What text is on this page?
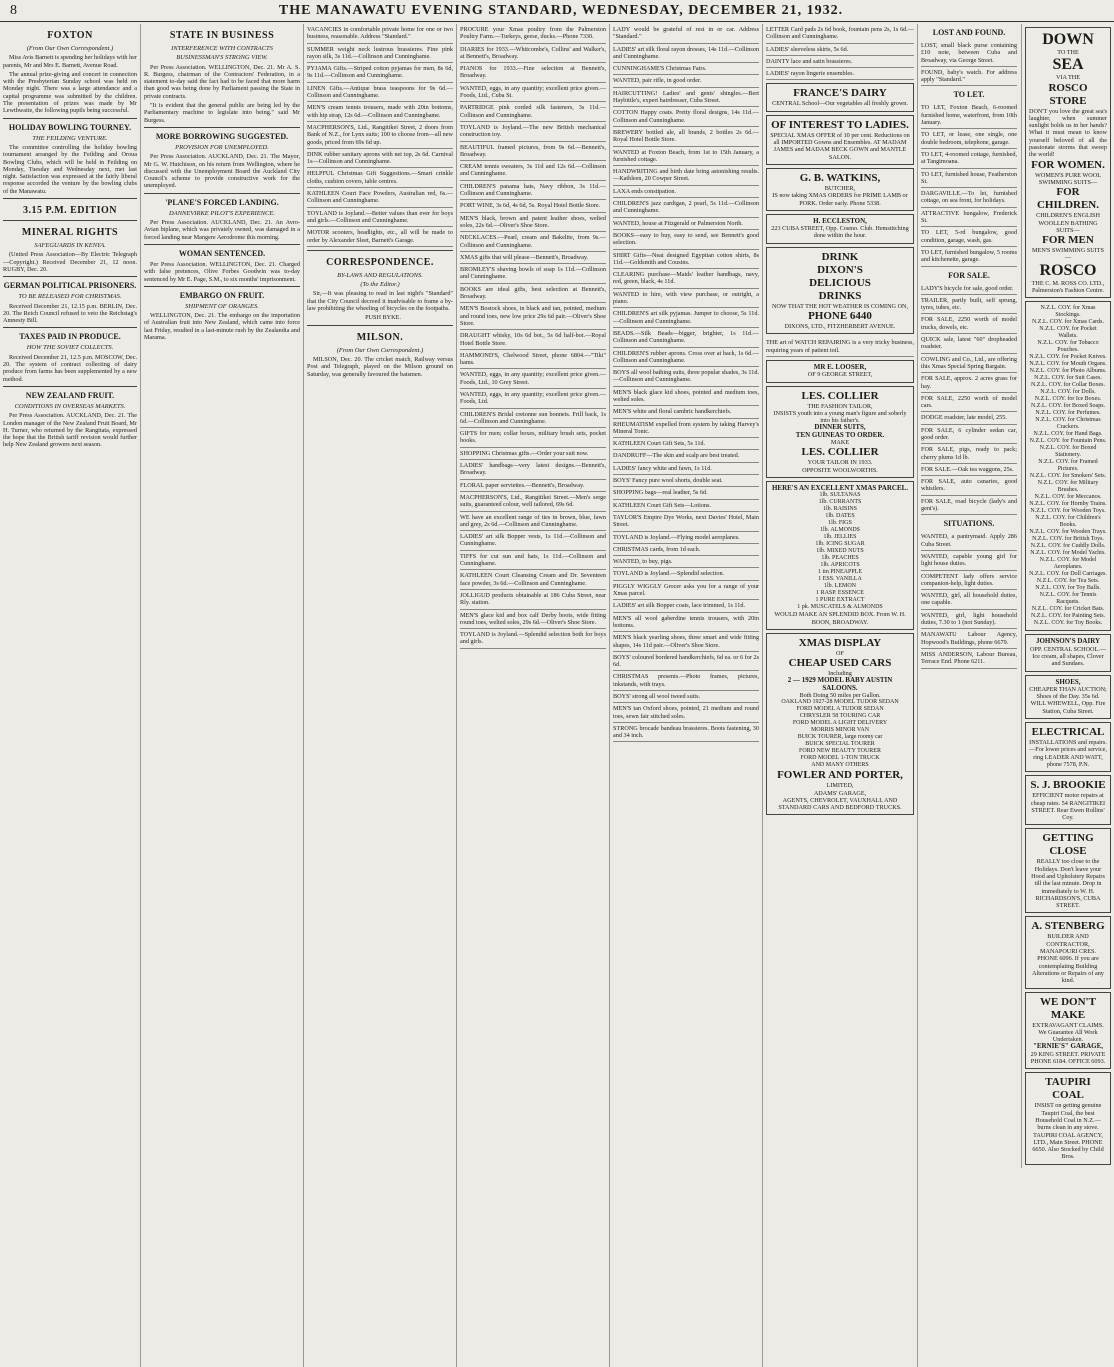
8	THE MANAWATU EVENING STANDARD, WEDNESDAY, DECEMBER 21, 1932.
FOXTON
(From Our Own Correspondent.)

Miss Avis Barnett is spending her holidays with her parents, Mr and Mrs E. Barnett, Avenue Road.

The annual prize-giving and concert in connection with the Presbyterian Sunday school was held on Monday night. There was a large attendance and a capital programme was submitted by the children. The presentation of prizes was made by Mr Lewthwaite, the following pupils being successful.

HOLIDAY BOWLING TOURNEY.
THE FEILDING VENTURE.

The committee controlling the holiday bowling tournament arranged by the Feilding and Oroua Bowling Clubs, which will be held in Feilding on Monday, Tuesday and Wednesday next, met last night. Satisfaction was expressed at the fairly liberal response accorded the venture by the bowling clubs of the Manawatu.

3.15 P.M. EDITION
MINERAL RIGHTS
SAFEGUARDS IN KENYA.

(United Press Association—By Electric Telegraph—Copyright.) Received December 21, 12 noon. RUGBY, Dec. 20.

GERMAN POLITICAL PRISONERS.
TO BE RELEASED FOR CHRISTMAS.

Received December 21, 12.15 p.m. BERLIN, Dec. 20. The Reich Council refused to veto the Reichstag's Amnesty Bill.

TAXES PAID IN PRODUCE.
HOW THE SOVIET COLLECTS.

Received December 21, 12.5 p.m. MOSCOW, Dec. 20. The system of contract collecting of dairy produce from farms has been supplemented by a new method.

NEW ZEALAND FRUIT.
CONDITIONS IN OVERSEAS MARKETS.

Per Press Association. AUCKLAND, Dec. 21. The London manager of the New Zealand Fruit Board, Mr H. Turner, who returned by the Rangitata, expressed the hope that the British tariff revision would further help New Zealand growers next season.

STATE IN BUSINESS
INTERFERENCE WITH CONTRACTS
BUSINESSMAN'S STRONG VIEW.

Per Press Association. WELLINGTON, Dec. 21. Mr A. S. R. Burgess, chairman of the Contractors' Federation, in a statement to-day said the fact had to be faced that more harm than good was being done by Parliament passing the State in private contracts.

"It is evident that the general public are being led by the Parliamentary machine to legislate into being." said Mr Burgess.

MORE BORROWING SUGGESTED.
PROVISION FOR UNEMPLOYED.

Per Press Association. AUCKLAND, Dec. 21. The Mayor, Mr G. W. Hutchison, on his return from Wellington, where he discussed with the Unemployment Board the Auckland City Council's scheme to provide constructive work for the unemployed.

'PLANE'S FORCED LANDING.
DANNEVIRKE PILOT'S EXPERIENCE.

Per Press Association. AUCKLAND, Dec. 21. An Avro-Avian biplane, which was privately owned, was damaged in a forced landing near Mangere Aerodrome this morning.

WOMAN SENTENCED.

Per Press Association. WELLINGTON, Dec. 21. Charged with false pretences, Olive Forbes Goodwin was to-day sentenced by Mr E. Page, S.M., to six months' imprisonment.

EMBARGO ON FRUIT.
SHIPMENT OF ORANGES.

WELLINGTON, Dec. 21. The embargo on the importation of Australian fruit into New Zealand, which came into force last Friday, resulted in a last-minute rush by the Zealandia and Marama.

VACANCIES in comfortable private home for one or two business, reasonable. Address "Standard."
SUMMER weight neck lustrous brassieres. Fine pink rayon silk, 3s 11d.—Collinson and Cunninghame.
PYJAMA Gifts.—Striped cotton pyjamas for men, 8s 6d, 9s 11d.—Collinson and Cunninghame.
LINEN Gifts.—Antique brass teaspoons for 9s 6d.—Collinson and Cunninghame.
MEN'S cream tennis trousers, made with 20in bottoms, with hip strap, 12s 6d.—Collinson and Cunninghame.
MACPHERSON'S, Ltd., Rangitikei Street, 2 doors from Bank of N.Z., for Lynx suits; 100 to choose from—all new goods, priced from 69s 6d up.
DINK rubber sanitary aprons with net top, 2s 6d. Carnival 1s—Collinson and Cunninghame.
HELPFUL Christmas Gift Suggestions.—Smart crinkle cloths, cushion covers, table centres.
KATHLEEN Court Face Powders, Australian red, 6s.—Collinson and Cunninghame.
TOYLAND is Joyland.—Better values than ever for boys and girls.—Collinson and Cunninghame.
MOTOR scooters, headlights, etc., all will be made to order by Alexander Sleet, Barnett's Garage.
CORRESPONDENCE.
BY-LAWS AND REGULATIONS.
(To the Editor.)

Sir,—It was pleasing to read in last night's "Standard" that the City Council decreed it inadvisable to frame a by-law prohibiting the wheeling of bicycles on the footpaths.

PUSH BYKE.

MILSON.
(From Our Own Correspondent.)

MILSON, Dec. 20. The cricket match, Railway versus Post and Telegraph, played on the Milson ground on Saturday, was generally favoured the batsmen.

PROCURE your Xmas poultry from the Palmerston Poultry Farm.—Turkeys, geese, ducks.—Phone 7330.
DIARIES for 1933.—Whitcombe's, Collins' and Walker's, at Bennett's, Broadway.
PIANOS for 1933.—Fine selection at Bennett's, Broadway.
WANTED, eggs, in any quantity; excellent price given.—Foods, Ltd., Cuba St.
PARTRIDGE pink corded silk fasteners, 3s 11d.—Collinson and Cunninghame.
TOYLAND is Joyland.—The new British mechanical construction toy.
BEAUTIFUL framed pictures, from 9s 6d.—Bennett's, Broadway.
CREAM tennis sweaters, 3s 11d and 12s 6d.—Collinson and Cunninghame.
CHILDREN'S panama hats, Navy ribbon, 3s 11d.—Collinson and Cunninghame.
PORT WINE, 3s 6d, 4s 6d, 5s. Royal Hotel Bottle Store.
MEN'S black, brown and patent leather shoes, welted soles, 22s 6d.—Oliver's Shoe Store.
NECKLACES.—Pearl, cream and Bakelite, from 9s.—Collinson and Cunninghame.
XMAS gifts that will please—Bennett's, Broadway.
BROMLEY'S shaving bowls of soap 1s 11d.—Collinson and Cunninghame.
BOOKS are ideal gifts, best selection at Bennett's, Broadway.
MEN'S Bostock shoes, in black and tan, pointed, medium and round toes, new low price 29s 6d pair.—Oliver's Shoe Store.
DRAUGHT whisky, 10s 6d bot., 5s 6d half-bot.—Royal Hotel Bottle Store.
HAMMOND'S, Chelwood Street, phone 6804.—"Tiki" hams.
WANTED, eggs, in any quantity; excellent price given.—Foods, Ltd., 10 Grey Street.
WANTED, eggs, in any quantity; excellent price given.—Foods, Ltd.
CHILDREN'S Bridal cretonne sun bonnets. Frill back, 1s 6d.—Collinson and Cunninghame.
GIFTS for men; collar boxes, military brush sets, pocket books.
SHOPPING Christmas gifts.—Order your suit now.
LADIES' handbags—very latest designs.—Bennett's, Broadway.
FLORAL paper serviettes.—Bennett's, Broadway.
MACPHERSON'S, Ltd., Rangitikei Street.—Men's serge suits, guaranteed colour, well tailored, 69s 6d.
WE have an excellent range of ties in brown, blue, fawn and grey, 2s 6d.—Collinson and Cunninghame.
LADIES' art silk Bopper vests, 1s 11d.—Collinson and Cunninghame.
TIFFS for cut sun and hats, 1s 11d.—Collinson and Cunninghame.
KATHLEEN Court Cleansing Cream and Dr. Seventeen face powder, 3s 6d.—Collinson and Cunninghame.
JOLLIGUD products obtainable at 186 Cuba Street, near Rly. station.
MEN'S glace kid and box calf Derby boots, wide fitting round toes, welted soles, 29s 6d.—Oliver's Shoe Store.
TOYLAND is Joyland.—Splendid selection both for boys and girls.
LADY would be grateful of rest in or car. Address "Standard."
LADIES' art silk floral rayon dresses, 14s 11d.—Collinson and Cunninghame.
CUNNINGHAME'S Christmas Fairs.
WANTED, pair rifle, in good order.
HAIRCUTTING! Ladies' and gents' shingles.—Bert Haybittle's, expert hairdresser, Cuba Street.
COTTON Happy coats. Pretty floral designs, 14s 11d.—Collinson and Cunninghame.
BREWERY bottled ale, all brands, 2 bottles 2s 6d.—Royal Hotel Bottle Store.
WANTED at Foxton Beach, from 1st to 15th January, a furnished cottage.
HANDWRITING and birth date bring astonishing results.—Kathleen, 20 Cowper Street.
LAXA ends constipation.
CHILDREN'S jazz cardigan, 2 pearl, 5s 11d.—Collinson and Cunninghame.
WANTED, house at Fitzgerald or Palmerston North.
BOOKS—easy to buy, easy to send, see Bennett's good selection.
SHIRT Gifts—Neat designed Egyptian cotton shirts, 8s 11d.—Goldsmith and Cousins.
CLEARING purchase—Maids' leather handbags, navy, red, green, black, 4s 11d.
WANTED to hire, with view purchase, or outright, a piano.
CHILDREN'S art silk pyjamas. Jumper to choose, 5s 11d.—Collinson and Cunninghame.
BEADS.—Silk Beads—bigger, brighter, 1s 11d.—Collinson and Cunninghame.
CHILDREN'S rubber aprons. Cross over at back, 1s 6d.—Collinson and Cunninghame.
BOYS all wool bathing suits, three popular shades, 3s 11d.—Collinson and Cunninghame.
MEN'S black glace kid shoes, pointed and medium toes, welted soles.
MEN'S white and floral cambric handkerchiefs.
RHEUMATISM expelled from system by taking Harvey's Mineral Tonic.
KATHLEEN Court Gift Sets, 5s 11d.
DANDRUFF—The skin and scalp are best treated.
LADIES' fancy white and fawn, 1s 11d.
BOYS' Fancy pure wool shorts, double seat.
SHOPPING bags—real leather, 5s 6d.
KATHLEEN Court Gift Sets—Lotions.
TAYLOR'S Empire Dye Works, next Davies' Hotel, Main Street.
TOYLAND is Joyland.—Flying model aeroplanes.
CHRISTMAS cards, from 1d each.
WANTED, to buy, pigs.
TOYLAND is Joyland.—Splendid selection.
PIGGLY WIGGLY Grocer asks you for a range of your Xmas parcel.
LADIES' art silk Bopper coats, lace trimmed, 1s 11d.
MEN'S all wool gaberdine tennis trousers, with 20in bottoms.
MEN'S black yearling shoes, three smart and wide fitting shapes, 14s 11d pair.—Oliver's Shoe Store.
BOYS' coloured bordered handkerchiefs, 6d ea. or 6 for 2s 6d.
CHRISTMAS presents.—Photo frames, pictures, inkstands, with trays.
BOYS' strong all wool tweed suits.
MEN'S tan Oxford shoes, pointed, 21 medium and round toes, sewn fair stitched soles.
STRONG brocade bandeau brassieres. Boots fastening, 30 and 34 inch.
LETTER Card pads 2s 6d book, fountain pens 2s, 1s 6d.—Collinson and Cunninghame.
LADIES' sleeveless skirts, 5s 6d.
DAINTY lace and satin brassieres.
LADIES' rayon lingerie ensembles.
FRANCE'S DAIRY
CENTRAL School—Our vegetables all freshly grown.
OF INTEREST TO LADIES.
SPECIAL XMAS OFFER of 10 per cent. Reductions on all IMPORTED Gowns and Ensembles. AT MADAM JAMES and MADAM BECK GOWN and MANTLE SALON.
G. B. WATKINS,
BUTCHER,
IS now taking XMAS ORDERS for PRIME LAMB or PORK. Order early. Phone 5338.
H. ECCLESTON,
223 CUBA STREET, Opp. Cosmo. Club. Hemstitching done within the hour.
DRINK
DIXON'S
DELICIOUS
DRINKS
NOW THAT THE HOT WEATHER IS COMING ON,
PHONE 6440
DIXONS, LTD., FITZHERBERT AVENUE.
THE art of WATCH REPAIRING is a very tricky business, requiring years of patient toil.
MR E. LOOSER,
OF 9 GEORGE STREET,
LES. COLLIER
THE FASHION TAILOR,
INSISTS youth into a young man's figure and soberly into his father's.
DINNER SUITS,
TEN GUINEAS TO ORDER.
MAKE
LES. COLLIER
YOUR TAILOR IN 1933.
OPPOSITE WOOLWORTHS.
HERE'S AN EXCELLENT XMAS PARCEL.
1lb. SULTANAS
1lb. CURRANTS
1lb. RAISINS
1lb. DATES
1lb. FIGS
1lb. ALMONDS
1lb. JELLIES
1lb. ICING SUGAR
1lb. MIXED NUTS
1lb. PEACHES
1lb. APRICOTS
1 tin PINEAPPLE
1 ESS. VANILLA
1lb. LEMON
1 RASP. ESSENCE
1 PURE EXTRACT
1 pk. MUSCATELS & ALMONDS
WOULD MAKE AN SPLENDID BOX. From W. H. BOON, BROADWAY.
XMAS DISPLAY
OF
CHEAP USED CARS
Including
2 — 1929 MODEL BABY AUSTIN SALOONS.
Both Doing 50 miles per Gallon.
OAKLAND 1927-28 MODEL TUDOR SEDAN
FORD MODEL A TUDOR SEDAN
CHRYSLER 58 TOURING CAR
FORD MODEL A LIGHT DELIVERY
MORRIS MINOR VAN
BUICK TOURER, large roomy car
BUICK SPECIAL TOURER
FORD NEW BEAUTY TOURER
FORD MODEL 1-TON TRUCK
AND MANY OTHERS
FOWLER AND PORTER,
LIMITED,
ADAMS' GARAGE,
AGENTS, CHEVROLET, VAUXHALL AND STANDARD CARS AND BEDFORD TRUCKS.
LOST AND FOUND.
LOST, small black purse containing £10 note, between Cuba and Broadway, via George Street.
FOUND, baby's watch. For address apply "Standard."
TO LET.
TO LET, Foxton Beach, 6-roomed furnished home, waterfront, from 10th January.
TO LET, or lease, one single, one double bedroom, telephone, garage.
TO LET, 4-roomed cottage, furnished, at Tangimoana.
TO LET, furnished house, Featherston St.
DARGAVILLE.—To let, furnished cottage, on sea front, for holidays.
ATTRACTIVE bungalow, Frederick St.
TO LET, 5-rd bungalow, good condition, garage, wash, gas.
TO LET, furnished bungalow, 5 rooms and kitchenette, garage.
FOR SALE.
LADY'S bicycle for sale, good order.
TRAILER, partly built, self sprung, tyres, tubes, etc.
FOR SALE, 2250 worth of model trucks, dowels, etc.
QUICK sale, latest "60" dropheaded roadster.
COWLING and Co., Ltd., are offering this Xmas Special Spring Bargain.
FOR SALE, approx. 2 acres grass for hay.
FOR SALE, 2250 worth of model cars.
DODGE roadster, late model, 255.
FOR SALE, 6 cylinder sedan car, good order.
FOR SALE, pigs, ready to pack; cherry plums 1d lb.
FOR SALE.—Oak tea waggons, 25s.
FOR SALE, auto canaries, good whistlers.
FOR SALE, road bicycle (lady's and gent's).
SITUATIONS.
WANTED, a pantrymaid. Apply 286 Cuba Street.
WANTED, capable young girl for light house duties.
COMPETENT lady offers service companion-help, light duties.
WANTED, girl, all household duties, one capable.
WANTED, girl, light household duties, 7.30 to 1 (not Sunday).
MANAWATU Labour Agency, Hopwood's Buildings, phone 6679.
MISS ANDERSON, Labour Bureau, Terrace End. Phone 6211.
DOWN
TO THE
SEA
VIA THE
ROSCO STORE
DON'T you love the great sea's laughter, when summer sunlight holds us in her hands? What it must mean to know yourself beloved of all the passionate storms that sweep the world!
FOR WOMEN.
WOMEN'S PURE WOOL SWIMMING SUITS—
FOR CHILDREN.
CHILDREN'S ENGLISH WOOLLEN BATHING SUITS—
FOR MEN
MEN'S SWIMMING SUITS—
ROSCO
THE C. M. ROSS CO. LTD., Palmerston's Fashion Centre.
N.Z.L. COY. for Xmas Stockings.
N.Z.L. COY. for Xmas Cards.
N.Z.L. COY. for Pocket Wallets.
N.Z.L. COY. for Tobacco Pouches.
N.Z.L. COY. for Pocket Knives.
N.Z.L. COY. for Mouth Organs.
N.Z.L. COY. for Photo Albums.
N.Z.L. COY. for Suit Cases.
N.Z.L. COY. for Collar Boxes.
N.Z.L. COY. for Dolls.
N.Z.L. COY. for Ice Boxes.
N.Z.L. COY. for Boxed Soaps.
N.Z.L. COY. for Perfumes.
N.Z.L. COY. for Christmas Crackers.
N.Z.L. COY. for Hand Bags.
N.Z.L. COY. for Fountain Pens.
N.Z.L. COY. for Boxed Stationery.
N.Z.L. COY. for Framed Pictures.
N.Z.L. COY. for Smokers' Sets.
N.Z.L. COY. for Military Brushes.
N.Z.L. COY. for Meccanos.
N.Z.L. COY. for Hornby Trains.
N.Z.L. COY. for Wooden Toys.
N.Z.L. COY. for Children's Books.
N.Z.L. COY. for Wooden Trays.
N.Z.L. COY. for British Toys.
N.Z.L. COY. for Cuddly Dolls.
N.Z.L. COY. for Model Yachts.
N.Z.L. COY. for Model Aeroplanes.
N.Z.L. COY. for Doll Carriages.
N.Z.L. COY. for Tea Sets.
N.Z.L. COY. for Toy Balls.
N.Z.L. COY. for Tennis Racquets.
N.Z.L. COY. for Cricket Bats.
N.Z.L. COY. for Painting Sets.
N.Z.L. COY. for Toy Books.
JOHNSON'S DAIRY
OPP. CENTRAL SCHOOL.—Ice cream, all shapes, Clover and Sundaes.
SHOES,
CHEAPER THAN AUCTION; Shoes of the Day. 35s 6d. WILL WHEWELL, Opp. Fire Station, Cuba Street.
ELECTRICAL
INSTALLATIONS and repairs.—For lower prices and service, ring LEADER AND WATT, phone 7578, P.N.
S. J. BROOKIE
EFFICIENT motor repairs at cheap rates. 54 RANGITIKEI STREET. Rear Ewen Rollins' Coy.
GETTING CLOSE
REALLY too close to the Holidays. Don't leave your Hood and Upholstery Repairs till the last minute. Drop in immediately to W. H. RICHARDSON'S, CUBA STREET.
A. STENBERG
BUILDER AND CONTRACTOR, MANAPOURI CRES. PHONE 6096. If you are contemplating Building Alterations or Repairs of any kind.
WE DON'T MAKE
EXTRAVAGANT CLAIMS. We Guarantee All Work Undertaken.
"ERNIE'S" GARAGE,
29 KING STREET. PRIVATE PHONE 6184. OFFICE 6093.
TAUPIRI COAL
INSIST on getting genuine Taupiri Coal, the best Household Coal in N.Z.—burns clean in any stove. TAUPIRI COAL AGENCY, LTD., Main Street. PHONE 6650. Also Stocked by Child Bros.
